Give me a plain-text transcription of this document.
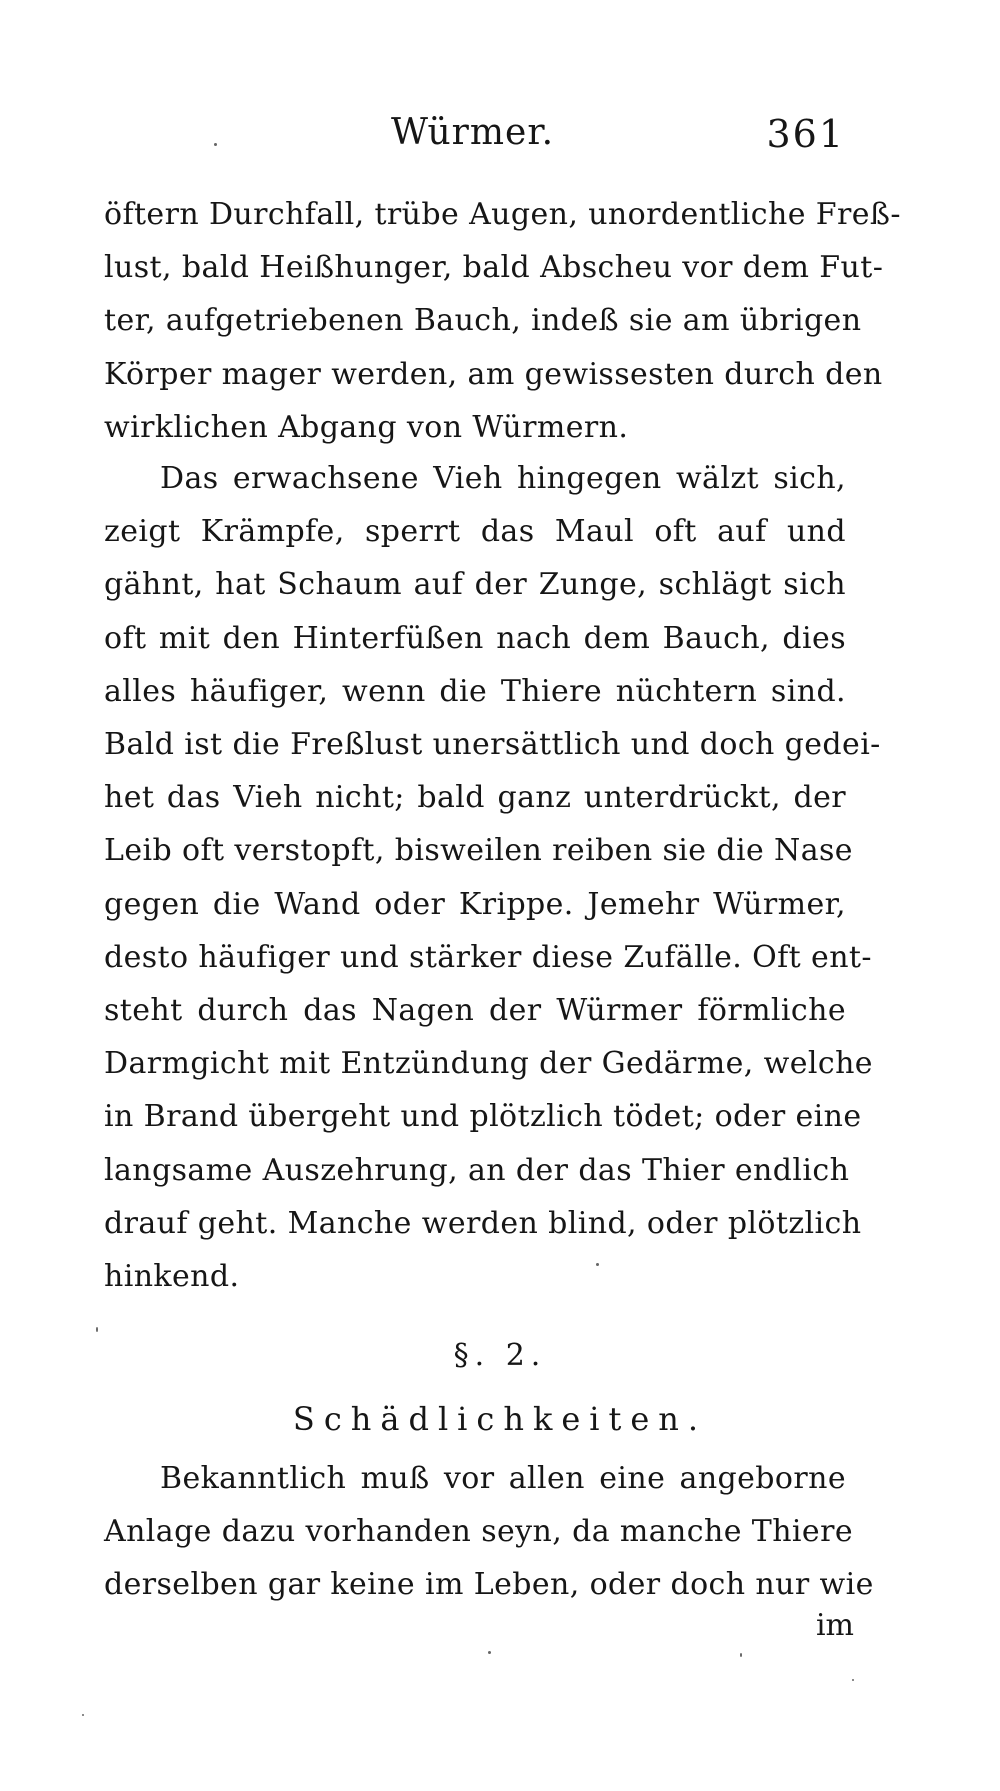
Würmer.	361
öftern Durchfall, trübe Augen, unordentliche Freß-
lust, bald Heißhunger, bald Abscheu vor dem Fut-
ter, aufgetriebenen Bauch, indeß sie am übrigen
Körper mager werden, am gewissesten durch den
wirklichen Abgang von Würmern.
Das erwachsene Vieh hingegen wälzt sich,
zeigt Krämpfe, sperrt das Maul oft auf und
gähnt, hat Schaum auf der Zunge, schlägt sich
oft mit den Hinterfüßen nach dem Bauch, dies
alles häufiger, wenn die Thiere nüchtern sind.
Bald ist die Freßlust unersättlich und doch gedei-
het das Vieh nicht; bald ganz unterdrückt, der
Leib oft verstopft, bisweilen reiben sie die Nase
gegen die Wand oder Krippe. Jemehr Würmer,
desto häufiger und stärker diese Zufälle. Oft ent-
steht durch das Nagen der Würmer förmliche
Darmgicht mit Entzündung der Gedärme, welche
in Brand übergeht und plötzlich tödet; oder eine
langsame Auszehrung, an der das Thier endlich
drauf geht. Manche werden blind, oder plötzlich
hinkend.
§. 2.
Schädlichkeiten.
Bekanntlich muß vor allen eine angeborne
Anlage dazu vorhanden seyn, da manche Thiere
derselben gar keine im Leben, oder doch nur wie
im
